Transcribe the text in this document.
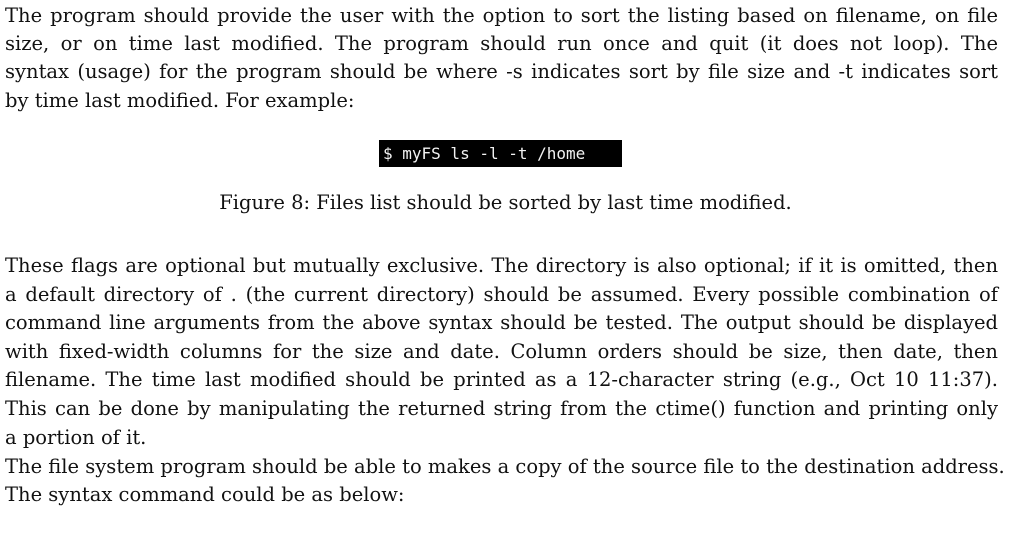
The program should provide the user with the option to sort the listing based on filename, on file
size, or on time last modified. The program should run once and quit (it does not loop). The
syntax (usage) for the program should be where -s indicates sort by file size and -t indicates sort
by time last modified. For example:
$ myFS ls -l -t /home
Figure 8: Files list should be sorted by last time modified.
These flags are optional but mutually exclusive. The directory is also optional; if it is omitted, then
a default directory of . (the current directory) should be assumed. Every possible combination of
command line arguments from the above syntax should be tested. The output should be displayed
with fixed-width columns for the size and date. Column orders should be size, then date, then
filename. The time last modified should be printed as a 12-character string (e.g., Oct 10 11:37).
This can be done by manipulating the returned string from the ctime() function and printing only
a portion of it.
The file system program should be able to makes a copy of the source file to the destination address.
The syntax command could be as below:
